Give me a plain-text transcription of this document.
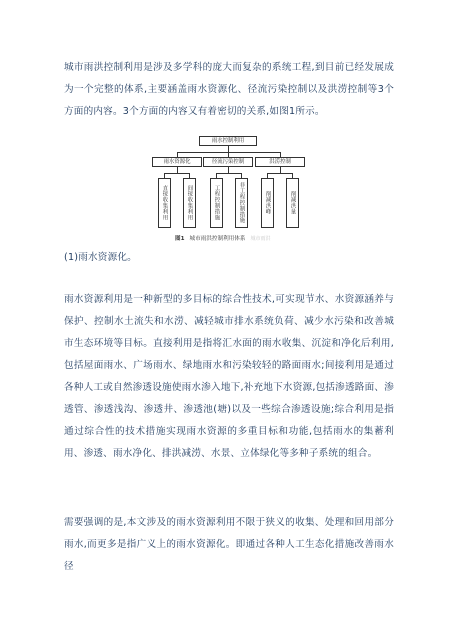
城市雨洪控制利用是涉及多学科的庞大而复杂的系统工程,到目前已经发展成为一个完整的体系,主要涵盖雨水资源化、径流污染控制以及洪涝控制等3个方面的内容。3个方面的内容又有着密切的关系,如图1所示。

雨水控制利用
雨水资源化	径流污染控制	洪涝控制
直接收集利用	间接收集利用	工程控制措施	非工程控制措施	削减洪峰	削减洪量
图1 城市雨洪控制利用体系 城市雨洪

(1)雨水资源化。

雨水资源利用是一种新型的多目标的综合性技术,可实现节水、水资源涵养与保护、控制水土流失和水涝、减轻城市排水系统负荷、减少水污染和改善城市生态环境等目标。直接利用是指将汇水面的雨水收集、沉淀和净化后利用,包括屋面雨水、广场雨水、绿地雨水和污染较轻的路面雨水;间接利用是通过各种人工或自然渗透设施使雨水渗入地下,补充地下水资源,包括渗透路面、渗透管、渗透浅沟、渗透井、渗透池(塘)以及一些综合渗透设施;综合利用是指通过综合性的技术措施实现雨水资源的多重目标和功能,包括雨水的集蓄利用、渗透、雨水净化、排洪减涝、水景、立体绿化等多种子系统的组合。

需要强调的是,本文涉及的雨水资源利用不限于狭义的收集、处理和回用部分雨水,而更多是指广义上的雨水资源化。即通过各种人工生态化措施改善雨水径
